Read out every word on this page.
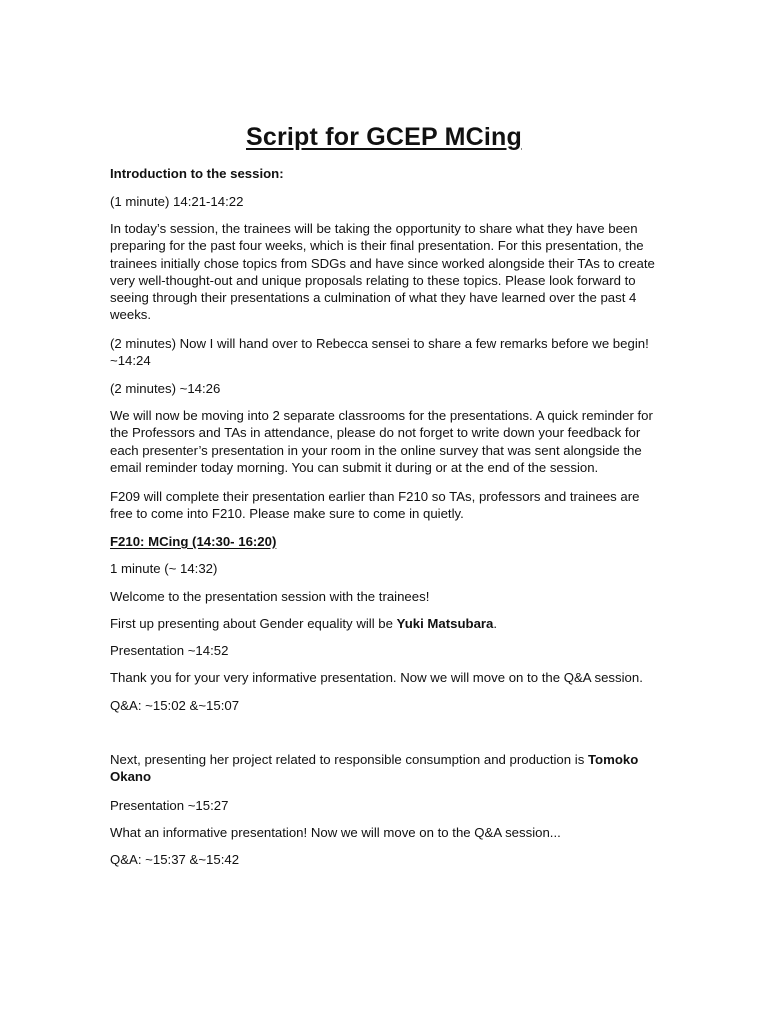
Script for GCEP MCing

Introduction to the session:

(1 minute) 14:21-14:22

In today’s session, the trainees will be taking the opportunity to share what they have been preparing for the past four weeks, which is their final presentation. For this presentation, the trainees initially chose topics from SDGs and have since worked alongside their TAs to create very well-thought-out and unique proposals relating to these topics. Please look forward to seeing through their presentations a culmination of what they have learned over the past 4 weeks.

(2 minutes) Now I will hand over to Rebecca sensei to share a few remarks before we begin! ~14:24

(2 minutes) ~14:26

We will now be moving into 2 separate classrooms for the presentations. A quick reminder for the Professors and TAs in attendance, please do not forget to write down your feedback for each presenter’s presentation in your room in the online survey that was sent alongside the email reminder today morning. You can submit it during or at the end of the session.

F209 will complete their presentation earlier than F210 so TAs, professors and trainees are free to come into F210. Please make sure to come in quietly.

F210: MCing (14:30- 16:20)

1 minute (~ 14:32)

Welcome to the presentation session with the trainees!

First up presenting about Gender equality will be Yuki Matsubara.

Presentation ~14:52

Thank you for your very informative presentation. Now we will move on to the Q&A session.

Q&A: ~15:02 &~15:07

Next, presenting her project related to responsible consumption and production is Tomoko Okano

Presentation ~15:27

What an informative presentation! Now we will move on to the Q&A session...

Q&A: ~15:37 &~15:42
